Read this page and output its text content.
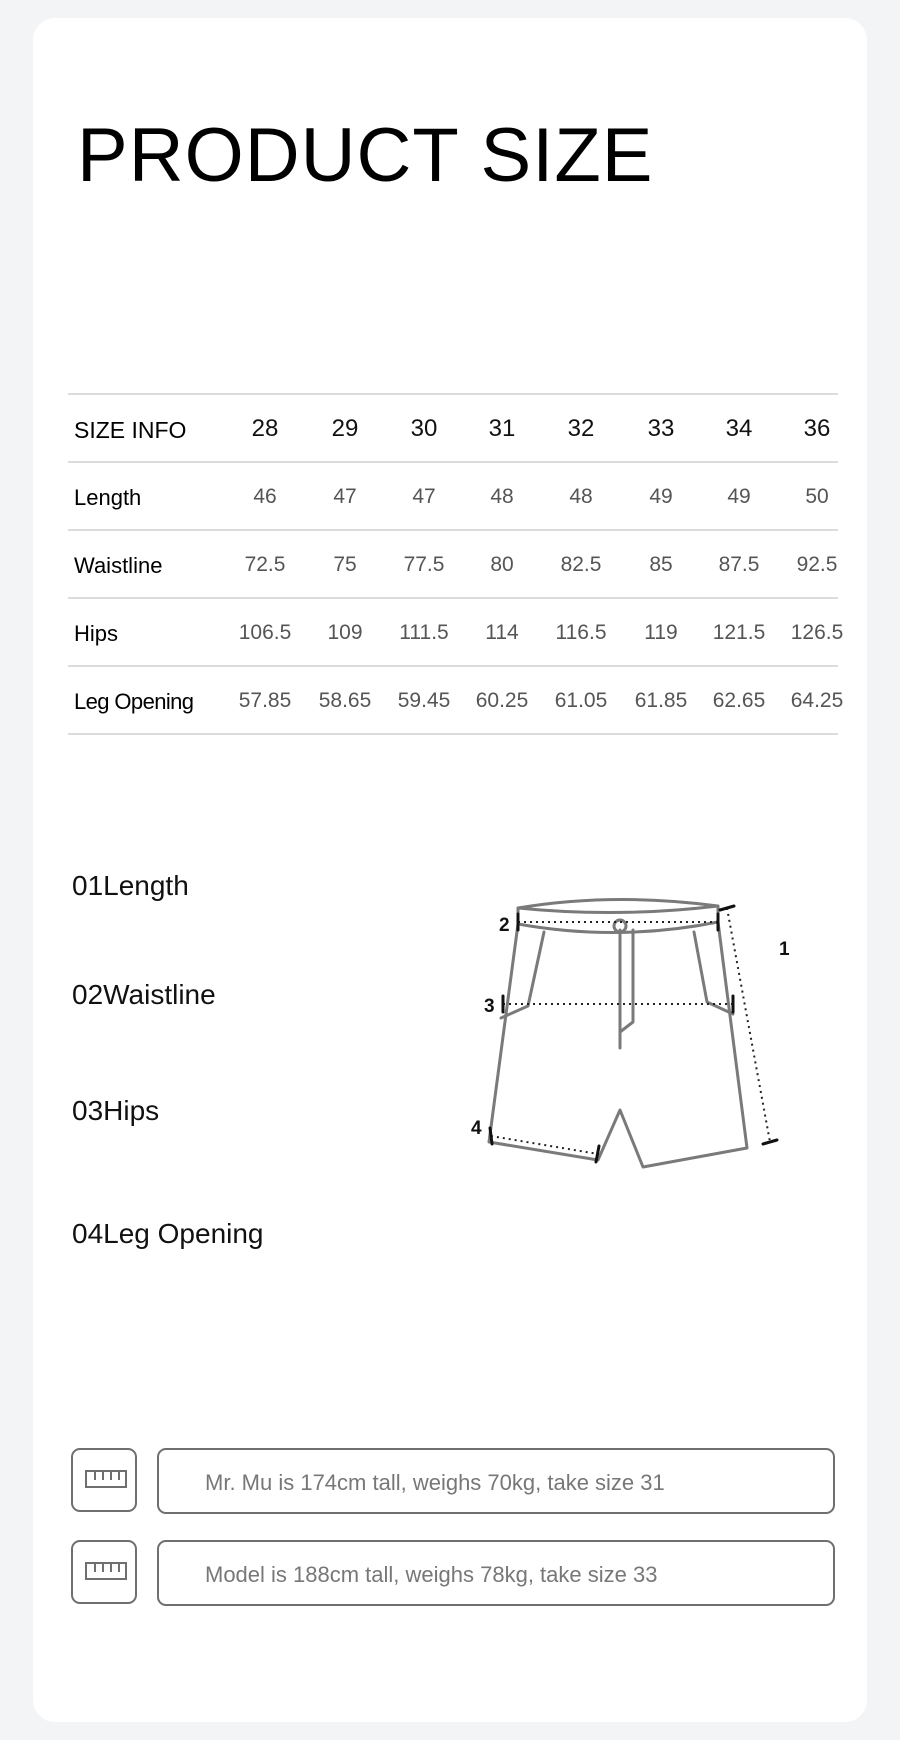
PRODUCT SIZE
SIZE INFO	28	29	30	31	32	33	34	36
Length	46	47	47	48	48	49	49	50
Waistline	72.5	75	77.5	80	82.5	85	87.5	92.5
Hips	106.5	109	111.5	114	116.5	119	121.5	126.5
Leg Opening	57.85	58.65	59.45	60.25	61.05	61.85	62.65	64.25
01Length
02Waistline
03Hips
04Leg Opening
1
2
3
4
Mr. Mu is 174cm tall, weighs 70kg, take size 31
Model is 188cm tall, weighs 78kg, take size 33
